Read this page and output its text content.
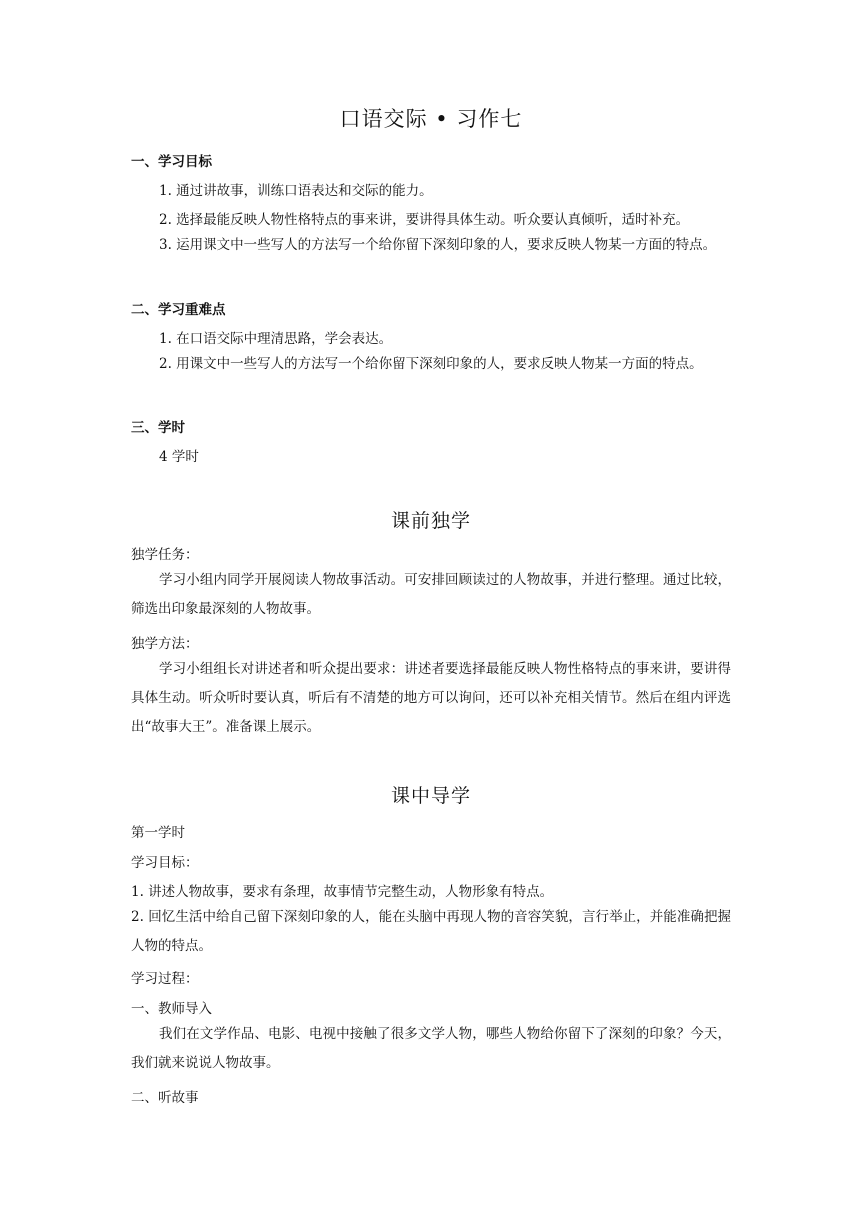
口语交际 • 习作七

一、学习目标

1. 通过讲故事，训练口语表达和交际的能力。

2. 选择最能反映人物性格特点的事来讲，要讲得具体生动。听众要认真倾听，适时补充。

3. 运用课文中一些写人的方法写一个给你留下深刻印象的人，要求反映人物某一方面的特点。

二、学习重难点

1. 在口语交际中理清思路，学会表达。

2. 用课文中一些写人的方法写一个给你留下深刻印象的人，要求反映人物某一方面的特点。

三、学时

4 学时

课前独学

独学任务：

学习小组内同学开展阅读人物故事活动。可安排回顾读过的人物故事，并进行整理。通过比较，筛选出印象最深刻的人物故事。

独学方法：

学习小组组长对讲述者和听众提出要求：讲述者要选择最能反映人物性格特点的事来讲，要讲得具体生动。听众听时要认真，听后有不清楚的地方可以询问，还可以补充相关情节。然后在组内评选出“故事大王”。准备课上展示。

课中导学

第一学时

学习目标：

1. 讲述人物故事，要求有条理，故事情节完整生动，人物形象有特点。

2. 回忆生活中给自己留下深刻印象的人，能在头脑中再现人物的音容笑貌，言行举止，并能准确把握人物的特点。

学习过程：

一、教师导入

我们在文学作品、电影、电视中接触了很多文学人物，哪些人物给你留下了深刻的印象？今天，我们就来说说人物故事。

二、听故事
